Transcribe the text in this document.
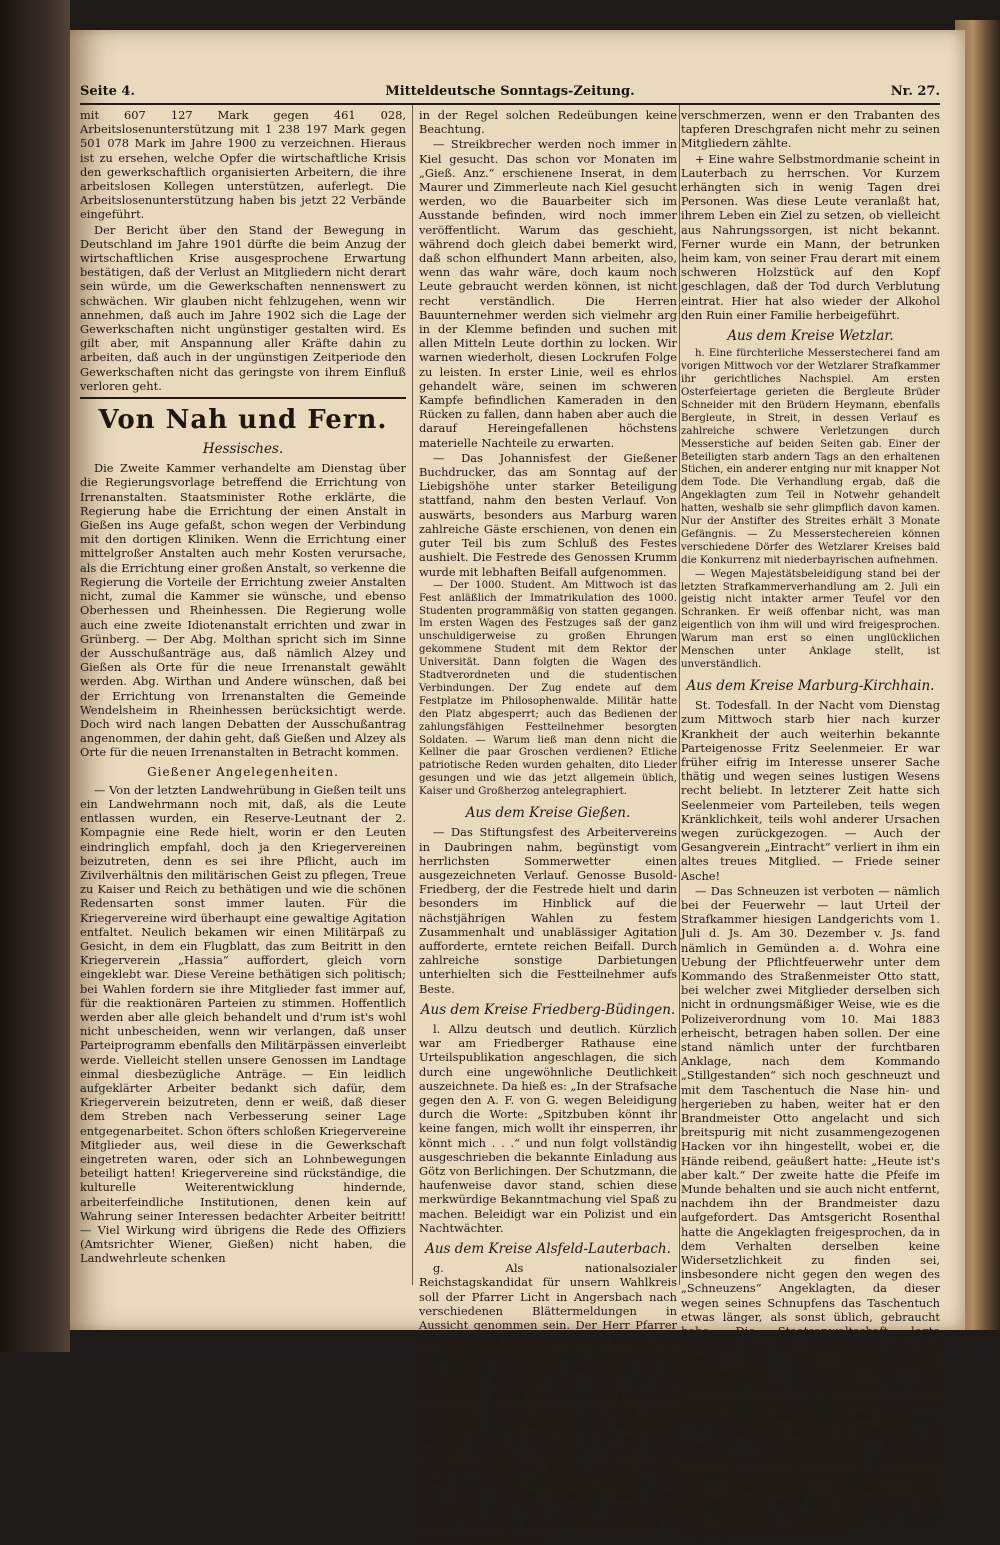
Mitteldeutsche Sonntags-Zeitung.
Seite 4.	Nr. 27.

mit 607 127 Mark gegen 461 028, Arbeitslosenunterstützung mit 1 238 197 Mark gegen 501 078 Mark im Jahre 1900 zu verzeichnen. Hieraus ist zu ersehen, welche Opfer die wirtschaftliche Krisis den gewerkschaftlich organisierten Arbeitern, die ihre arbeitslosen Kollegen unterstützen, auferlegt. Die Arbeitslosenunterstützung haben bis jetzt 22 Verbände eingeführt.

Der Bericht über den Stand der Bewegung in Deutschland im Jahre 1901 dürfte die beim Anzug der wirtschaftlichen Krise ausgesprochene Erwartung bestätigen, daß der Verlust an Mitgliedern nicht derart sein würde, um die Gewerkschaften nennenswert zu schwächen. Wir glauben nicht fehlzugehen, wenn wir annehmen, daß auch im Jahre 1902 sich die Lage der Gewerkschaften nicht ungünstiger gestalten wird. Es gilt aber, mit Anspannung aller Kräfte dahin zu arbeiten, daß auch in der ungünstigen Zeitperiode den Gewerkschaften nicht das geringste von ihrem Einfluß verloren geht.

Von Nah und Fern.
Hessisches.

Die Zweite Kammer verhandelte am Dienstag über die Regierungsvorlage betreffend die Errichtung von Irrenanstalten. Staatsminister Rothe erklärte, die Regierung habe die Errichtung der einen Anstalt in Gießen ins Auge gefaßt, schon wegen der Verbindung mit den dortigen Kliniken. Wenn die Errichtung einer mittelgroßer Anstalten auch mehr Kosten verursache, als die Errichtung einer großen Anstalt, so verkenne die Regierung die Vorteile der Errichtung zweier Anstalten nicht, zumal die Kammer sie wünsche, und ebenso Oberhessen und Rheinhessen. Die Regierung wolle auch eine zweite Idiotenanstalt errichten und zwar in Grünberg. — Der Abg. Molthan spricht sich im Sinne der Ausschußanträge aus, daß nämlich Alzey und Gießen als Orte für die neue Irrenanstalt gewählt werden. Abg. Wirthan und Andere wünschen, daß bei der Errichtung von Irrenanstalten die Gemeinde Wendelsheim in Rheinhessen berücksichtigt werde. Doch wird nach langen Debatten der Ausschußantrag angenommen, der dahin geht, daß Gießen und Alzey als Orte für die neuen Irrenanstalten in Betracht kommen.

Gießener Angelegenheiten.

— Von der letzten Landwehrübung in Gießen teilt uns ein Landwehrmann noch mit, daß, als die Leute entlassen wurden, ein Reserve-Leutnant der 2. Kompagnie eine Rede hielt, worin er den Leuten eindringlich empfahl, doch ja den Kriegervereinen beizutreten, denn es sei ihre Pflicht, auch im Zivilverhältnis den militärischen Geist zu pflegen, Treue zu Kaiser und Reich zu bethätigen und wie die schönen Redensarten sonst immer lauten. Für die Kriegervereine wird überhaupt eine gewaltige Agitation entfaltet. Neulich bekamen wir einen Militärpaß zu Gesicht, in dem ein Flugblatt, das zum Beitritt in den Kriegerverein „Hassia“ auffordert, gleich vorn eingeklebt war. Diese Vereine bethätigen sich politisch; bei Wahlen fordern sie ihre Mitglieder fast immer auf, für die reaktionären Parteien zu stimmen. Hoffentlich werden aber alle gleich behandelt und d'rum ist's wohl nicht unbescheiden, wenn wir verlangen, daß unser Parteiprogramm ebenfalls den Militärpässen einverleibt werde. Vielleicht stellen unsere Genossen im Landtage einmal diesbezügliche Anträge. — Ein leidlich aufgeklärter Arbeiter bedankt sich dafür, dem Kriegerverein beizutreten, denn er weiß, daß dieser dem Streben nach Verbesserung seiner Lage entgegenarbeitet. Schon öfters schloßen Kriegervereine Mitglieder aus, weil diese in die Gewerkschaft eingetreten waren, oder sich an Lohnbewegungen beteiligt hatten! Kriegervereine sind rückständige, die kulturelle Weiterentwicklung hindernde, arbeiterfeindliche Institutionen, denen kein auf Wahrung seiner Interessen bedachter Arbeiter beitritt! — Viel Wirkung wird übrigens die Rede des Offiziers (Amtsrichter Wiener, Gießen) nicht haben, die Landwehrleute schenken

in der Regel solchen Redeübungen keine Beachtung.

— Streikbrecher werden noch immer in Kiel gesucht. Das schon vor Monaten im „Gieß. Anz.“ erschienene Inserat, in dem Maurer und Zimmerleute nach Kiel gesucht werden, wo die Bauarbeiter sich im Ausstande befinden, wird noch immer veröffentlicht. Warum das geschieht, während doch gleich dabei bemerkt wird, daß schon elfhundert Mann arbeiten, also, wenn das wahr wäre, doch kaum noch Leute gebraucht werden können, ist nicht recht verständlich. Die Herren Bauunternehmer werden sich vielmehr arg in der Klemme befinden und suchen mit allen Mitteln Leute dorthin zu locken. Wir warnen wiederholt, diesen Lockrufen Folge zu leisten. In erster Linie, weil es ehrlos gehandelt wäre, seinen im schweren Kampfe befindlichen Kameraden in den Rücken zu fallen, dann haben aber auch die darauf Hereingefallenen höchstens materielle Nachteile zu erwarten.

— Das Johannisfest der Gießener Buchdrucker, das am Sonntag auf der Liebigshöhe unter starker Beteiligung stattfand, nahm den besten Verlauf. Von auswärts, besonders aus Marburg waren zahlreiche Gäste erschienen, von denen ein guter Teil bis zum Schluß des Festes aushielt. Die Festrede des Genossen Krumm wurde mit lebhaften Beifall aufgenommen.

— Der 1000. Student. Am Mittwoch ist das Fest anläßlich der Immatrikulation des 1000. Studenten programmäßig von statten gegangen. Im ersten Wagen des Festzuges saß der ganz unschuldigerweise zu großen Ehrungen gekommene Student mit dem Rektor der Universität. Dann folgten die Wagen des Stadtverordneten und die studentischen Verbindungen. Der Zug endete auf dem Festplatze im Philosophenwalde. Militär hatte den Platz abgesperrt; auch das Bedienen der zahlungsfähigen Festteilnehmer besorgten Soldaten. — Warum ließ man denn nicht die Kellner die paar Groschen verdienen? Etliche patriotische Reden wurden gehalten, dito Lieder gesungen und wie das jetzt allgemein üblich, Kaiser und Großherzog antelegraphiert.

Aus dem Kreise Gießen.

— Das Stiftungsfest des Arbeitervereins in Daubringen nahm, begünstigt vom herrlichsten Sommerwetter einen ausgezeichneten Verlauf. Genosse Busold-Friedberg, der die Festrede hielt und darin besonders im Hinblick auf die nächstjährigen Wahlen zu festem Zusammenhalt und unablässiger Agitation aufforderte, erntete reichen Beifall. Durch zahlreiche sonstige Darbietungen unterhielten sich die Festteilnehmer aufs Beste.

Aus dem Kreise Friedberg-Büdingen.

l. Allzu deutsch und deutlich. Kürzlich war am Friedberger Rathause eine Urteilspublikation angeschlagen, die sich durch eine ungewöhnliche Deutlichkeit auszeichnete. Da hieß es: „In der Strafsache gegen den A. F. von G. wegen Beleidigung durch die Worte: „Spitzbuben könnt ihr keine fangen, mich wollt ihr einsperren, ihr könnt mich . . .“ und nun folgt vollständig ausgeschrieben die bekannte Einladung aus Götz von Berlichingen. Der Schutzmann, die haufenweise davor stand, schien diese merkwürdige Bekanntmachung viel Spaß zu machen. Beleidigt war ein Polizist und ein Nachtwächter.

Aus dem Kreise Alsfeld-Lauterbach.

g. Als nationalsozialer Reichstagskandidat für unsern Wahlkreis soll der Pfarrer Licht in Angersbach nach verschiedenen Blättermeldungen in Aussicht genommen sein. Der Herr Pfarrer ist ein großer Politiker vor dem Herrn; fast in jeder Versammlung, die in Lauterbach und seiner Umgegend stattfindet, ist er anwesend, beteiligt sich auch an der Diskussion, wenn immer es die Umstände gestatten. Dabei erregt er fast stets Heiterkeit. Sicher würde es ihm Vergnügen machen, wenn er das „M. d. R.“ auf seine Karte setzen könnte. Wir sind menschenfreundlich genug, Jedem seinen Spaß zu gönnen, wünschen deshalb, daß der Herr Pfarrer gewählt und dem Reichstag nun ein „Licht“ aufgesteckt werde. Dieser — nämlich der Reichstag — würde es gewiß auch

verschmerzen, wenn er den Trabanten des tapferen Dreschgrafen nicht mehr zu seinen Mitgliedern zählte.

+ Eine wahre Selbstmordmanie scheint in Lauterbach zu herrschen. Vor Kurzem erhängten sich in wenig Tagen drei Personen. Was diese Leute veranlaßt hat, ihrem Leben ein Ziel zu setzen, ob vielleicht aus Nahrungssorgen, ist nicht bekannt. Ferner wurde ein Mann, der betrunken heim kam, von seiner Frau derart mit einem schweren Holzstück auf den Kopf geschlagen, daß der Tod durch Verblutung eintrat. Hier hat also wieder der Alkohol den Ruin einer Familie herbeigeführt.

Aus dem Kreise Wetzlar.

h. Eine fürchterliche Messerstecherei fand am vorigen Mittwoch vor der Wetzlarer Strafkammer ihr gerichtliches Nachspiel. Am ersten Osterfeiertage gerieten die Bergleute Brüder Schneider mit den Brüdern Heymann, ebenfalls Bergleute, in Streit, in dessen Verlauf es zahlreiche schwere Verletzungen durch Messerstiche auf beiden Seiten gab. Einer der Beteiligten starb andern Tags an den erhaltenen Stichen, ein anderer entging nur mit knapper Not dem Tode. Die Verhandlung ergab, daß die Angeklagten zum Teil in Notwehr gehandelt hatten, weshalb sie sehr glimpflich davon kamen. Nur der Anstifter des Streites erhält 3 Monate Gefängnis. — Zu Messerstechereien können verschiedene Dörfer des Wetzlarer Kreises bald die Konkurrenz mit niederbayrischen aufnehmen.

— Wegen Majestätsbeleidigung stand bei der letzten Strafkammerverhandlung am 2. Juli ein geistig nicht intakter armer Teufel vor den Schranken. Er weiß offenbar nicht, was man eigentlich von ihm will und wird freigesprochen. Warum man erst so einen unglücklichen Menschen unter Anklage stellt, ist unverständlich.

Aus dem Kreise Marburg-Kirchhain.

St. Todesfall. In der Nacht vom Dienstag zum Mittwoch starb hier nach kurzer Krankheit der auch weiterhin bekannte Parteigenosse Fritz Seelenmeier. Er war früher eifrig im Interesse unserer Sache thätig und wegen seines lustigen Wesens recht beliebt. In letzterer Zeit hatte sich Seelenmeier vom Parteileben, teils wegen Kränklichkeit, teils wohl anderer Ursachen wegen zurückgezogen. — Auch der Gesangverein „Eintracht“ verliert in ihm ein altes treues Mitglied. — Friede seiner Asche!

— Das Schneuzen ist verboten — nämlich bei der Feuerwehr — laut Urteil der Strafkammer hiesigen Landgerichts vom 1. Juli d. Js. Am 30. Dezember v. Js. fand nämlich in Gemünden a. d. Wohra eine Uebung der Pflichtfeuerwehr unter dem Kommando des Straßenmeister Otto statt, bei welcher zwei Mitglieder derselben sich nicht in ordnungsmäßiger Weise, wie es die Polizeiverordnung vom 10. Mai 1883 erheischt, betragen haben sollen. Der eine stand nämlich unter der furchtbaren Anklage, nach dem Kommando „Stillgestanden“ sich noch geschneuzt und mit dem Taschentuch die Nase hin- und hergerieben zu haben, weiter hat er den Brandmeister Otto angelacht und sich breitspurig mit nicht zusammengezogenen Hacken vor ihn hingestellt, wobei er, die Hände reibend, geäußert hatte: „Heute ist's aber kalt.“ Der zweite hatte die Pfeife im Munde behalten und sie auch nicht entfernt, nachdem ihn der Brandmeister dazu aufgefordert. Das Amtsgericht Rosenthal hatte die Angeklagten freigesprochen, da in dem Verhalten derselben keine Widersetzlichkeit zu finden sei, insbesondere nicht gegen den wegen des „Schneuzens“ Angeklagten, da dieser wegen seines Schnupfens das Taschentuch etwas länger, als sonst üblich, gebraucht habe. Die Staatsanwaltschaft legte Berufung bei kgl. Landgericht ein und dieses hob das erstinstanzliche, freisprechende Erkenntnis auf und verurteilte den unglücklichen — vom Schnupfen geplagten — Feuerwehrmann zu 15 Mk. und den anderen zu 5 Mk. Strafe. —

— Elektrische Anlage in Kirchhain. In unserem Nachbarstädtchen Kirchhain finden Verhandlungen zwecks Einrichtung einer elektrischen Anlage zu Beleuchtungs- und gewerblichen Zwecken statt. Wahrscheinlich wird sich in nächster Zeit eine öffentliche Versammlung mit dieser Angelegenheit beschäftigen.
